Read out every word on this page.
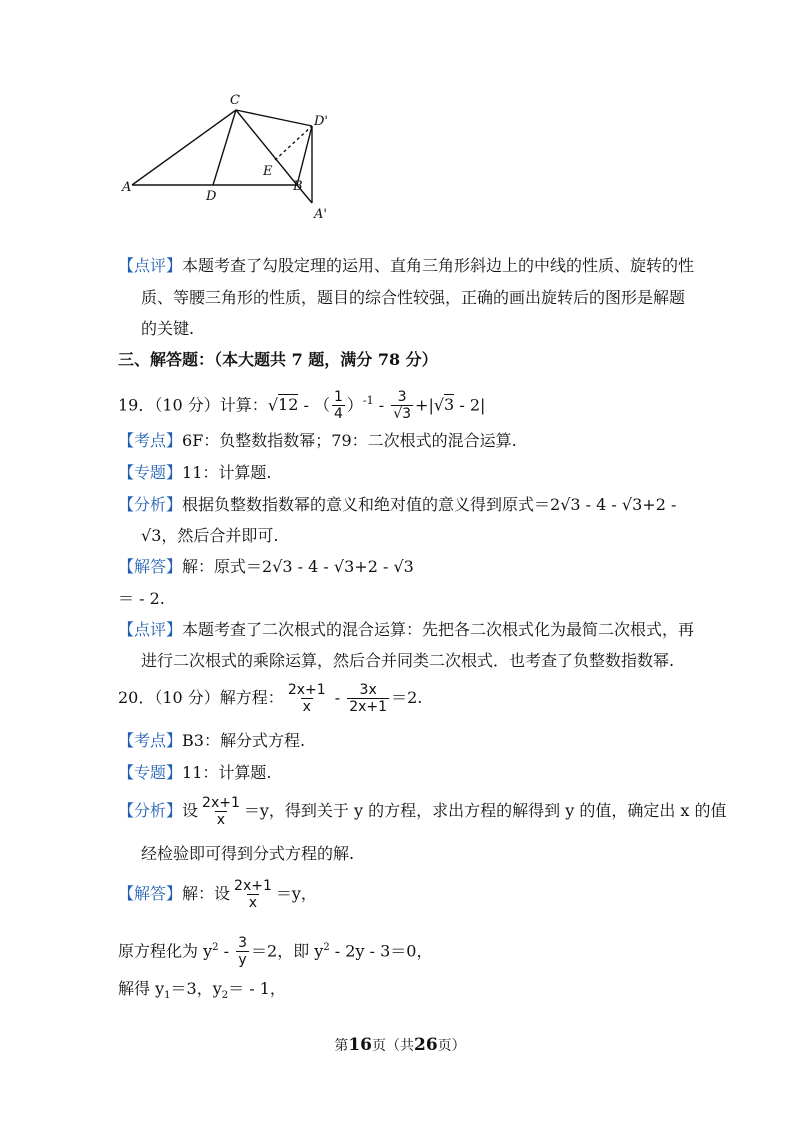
C
D'
E
A
D
B
A'
【点评】本题考查了勾股定理的运用、直角三角形斜边上的中线的性质、旋转的性
质、等腰三角形的性质，题目的综合性较强，正确的画出旋转后的图形是解题
的关键.
三、解答题：（本大题共 7 题，满分 78 分）
19．（10 分）计算：√12 - （ $\frac{1}{4} )^{-1} - \frac{3}{√3} +|√3 - 2|$
【考点】6F：负整数指数幂；79：二次根式的混合运算.
【专题】11：计算题.
【分析】根据负整数指数幂的意义和绝对值的意义得到原式＝2√3 - 4 - √3+2 -
√3，然后合并即可.
【解答】解：原式＝2√3 - 4 - √3+2 - √3
＝ - 2.
【点评】本题考查了二次根式的混合运算：先把各二次根式化为最简二次根式，再
进行二次根式的乘除运算，然后合并同类二次根式．也考查了负整数指数幂.
20．（10 分）解方程： $\frac{2x+1}{x} - \frac{3x}{2x+1} =2$.
【考点】B3：解分式方程.
【专题】11：计算题.
【分析】设 $\frac{2x+1}{x} =y$，得到关于 y 的方程，求出方程的解得到 y 的值，确定出 x 的值
经检验即可得到分式方程的解.
【解答】解：设 $\frac{2x+1}{x} =y$，
原方程化为 $y^2 - \frac{3}{y} =2$，即 $y^2 - 2y - 3=0$，
解得 $y_1=3$，$y_2= - 1$，
第16页（共26页）
